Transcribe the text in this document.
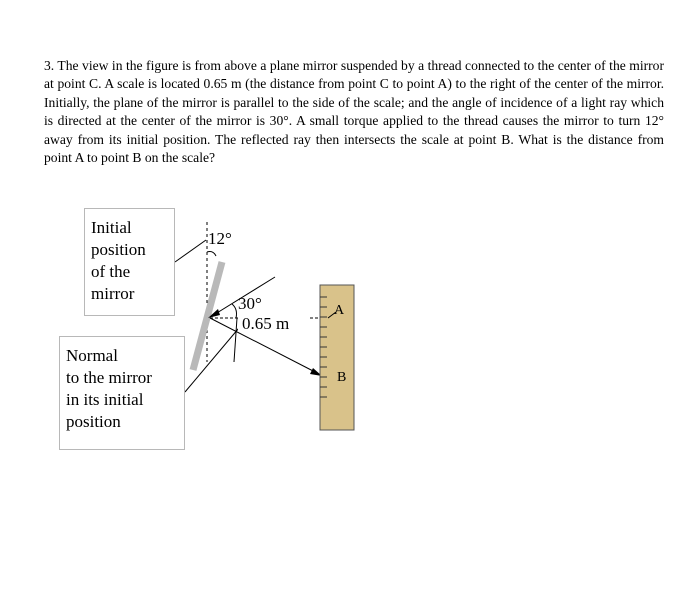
3. The view in the figure is from above a plane mirror suspended by a thread connected to the center of the mirror at point C. A scale is located 0.65 m (the distance from point C to point A) to the right of the center of the mirror. Initially, the plane of the mirror is parallel to the side of the scale; and the angle of incidence of a light ray which is directed at the center of the mirror is 30°. A small torque applied to the thread causes the mirror to turn 12° away from its initial position. The reflected ray then intersects the scale at point B. What is the distance from point A to point B on the scale?
12°
30°
0.65 m
A
B
Initial
position
of the
mirror
Normal
to the mirror
in its initial
position
